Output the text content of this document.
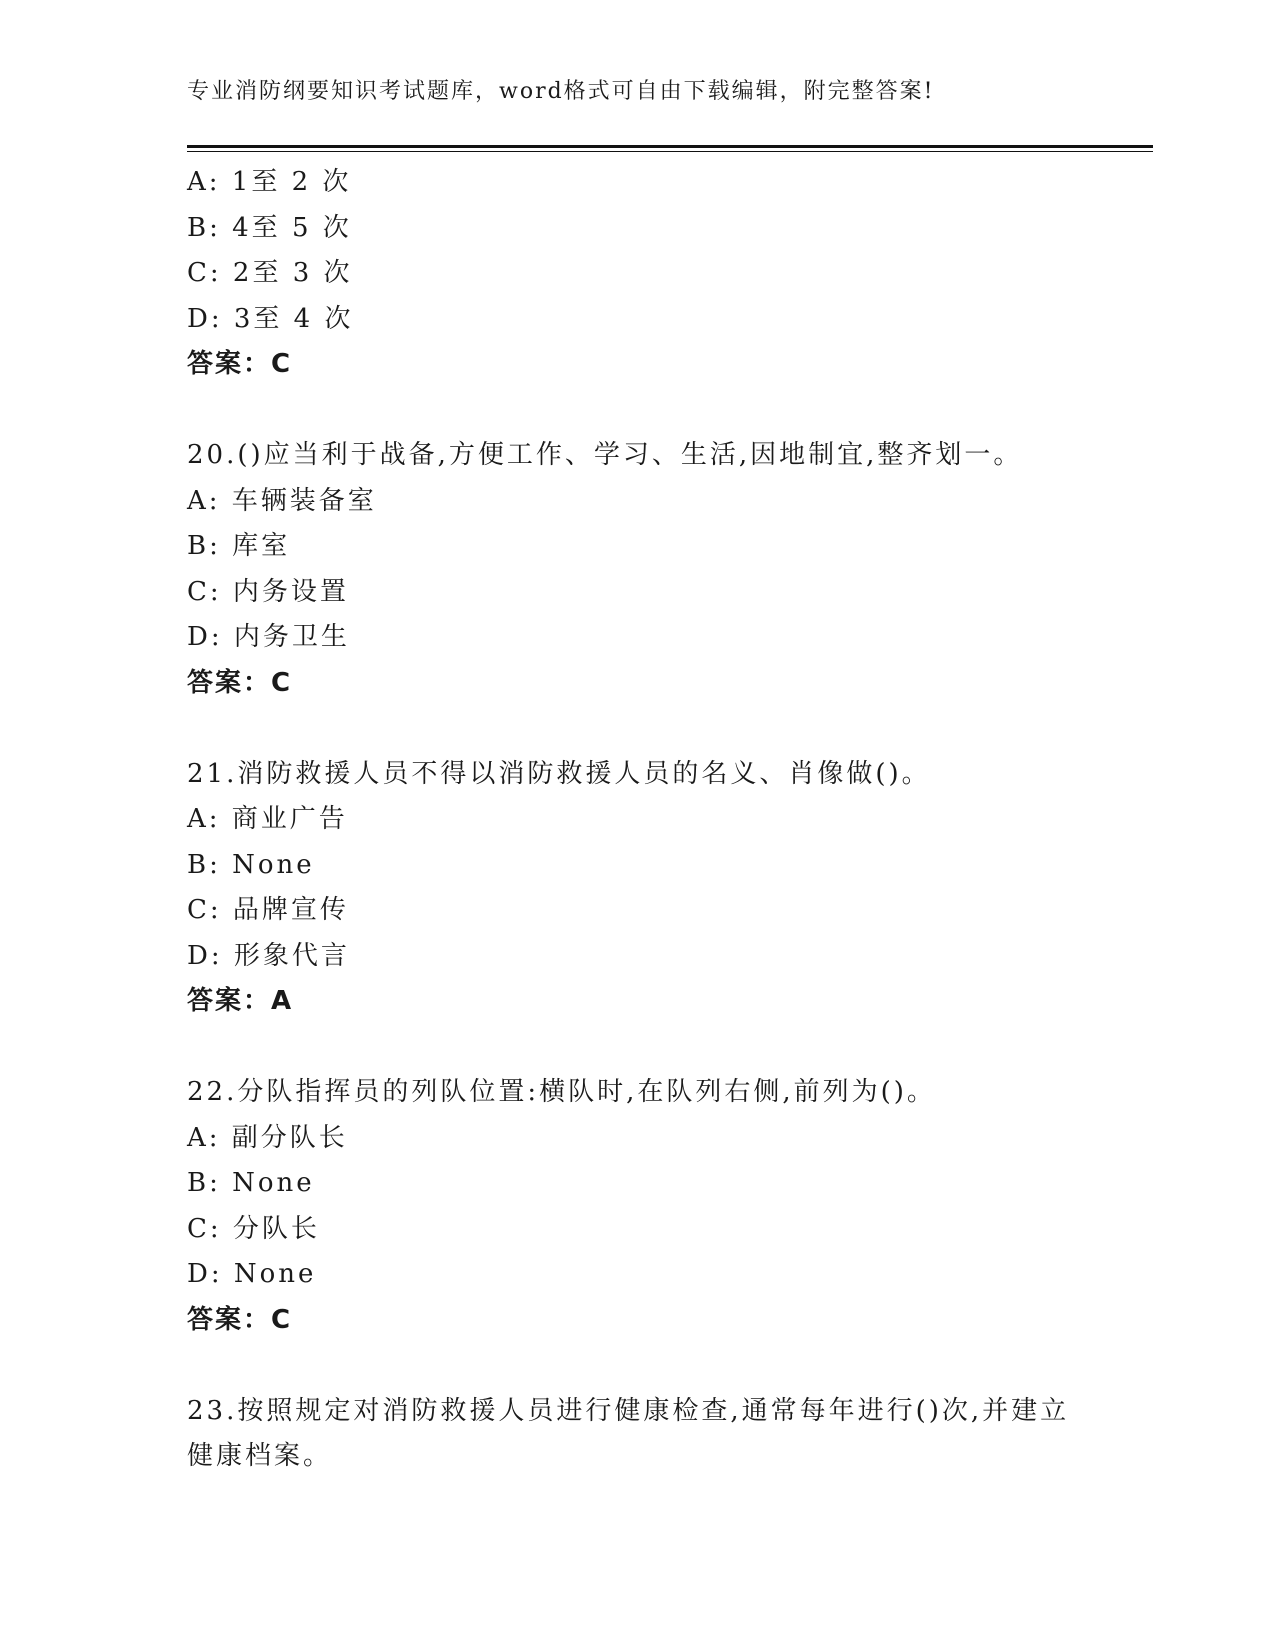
专业消防纲要知识考试题库，word格式可自由下载编辑，附完整答案!
A: 1至 2 次
B: 4至 5 次
C: 2至 3 次
D: 3至 4 次
答案：C
20.()应当利于战备,方便工作、学习、生活,因地制宜,整齐划一。
A: 车辆装备室
B: 库室
C: 内务设置
D: 内务卫生
答案：C
21.消防救援人员不得以消防救援人员的名义、肖像做()。
A: 商业广告
B: None
C: 品牌宣传
D: 形象代言
答案：A
22.分队指挥员的列队位置:横队时,在队列右侧,前列为()。
A: 副分队长
B: None
C: 分队长
D: None
答案：C
23.按照规定对消防救援人员进行健康检查,通常每年进行()次,并建立健康档案。
